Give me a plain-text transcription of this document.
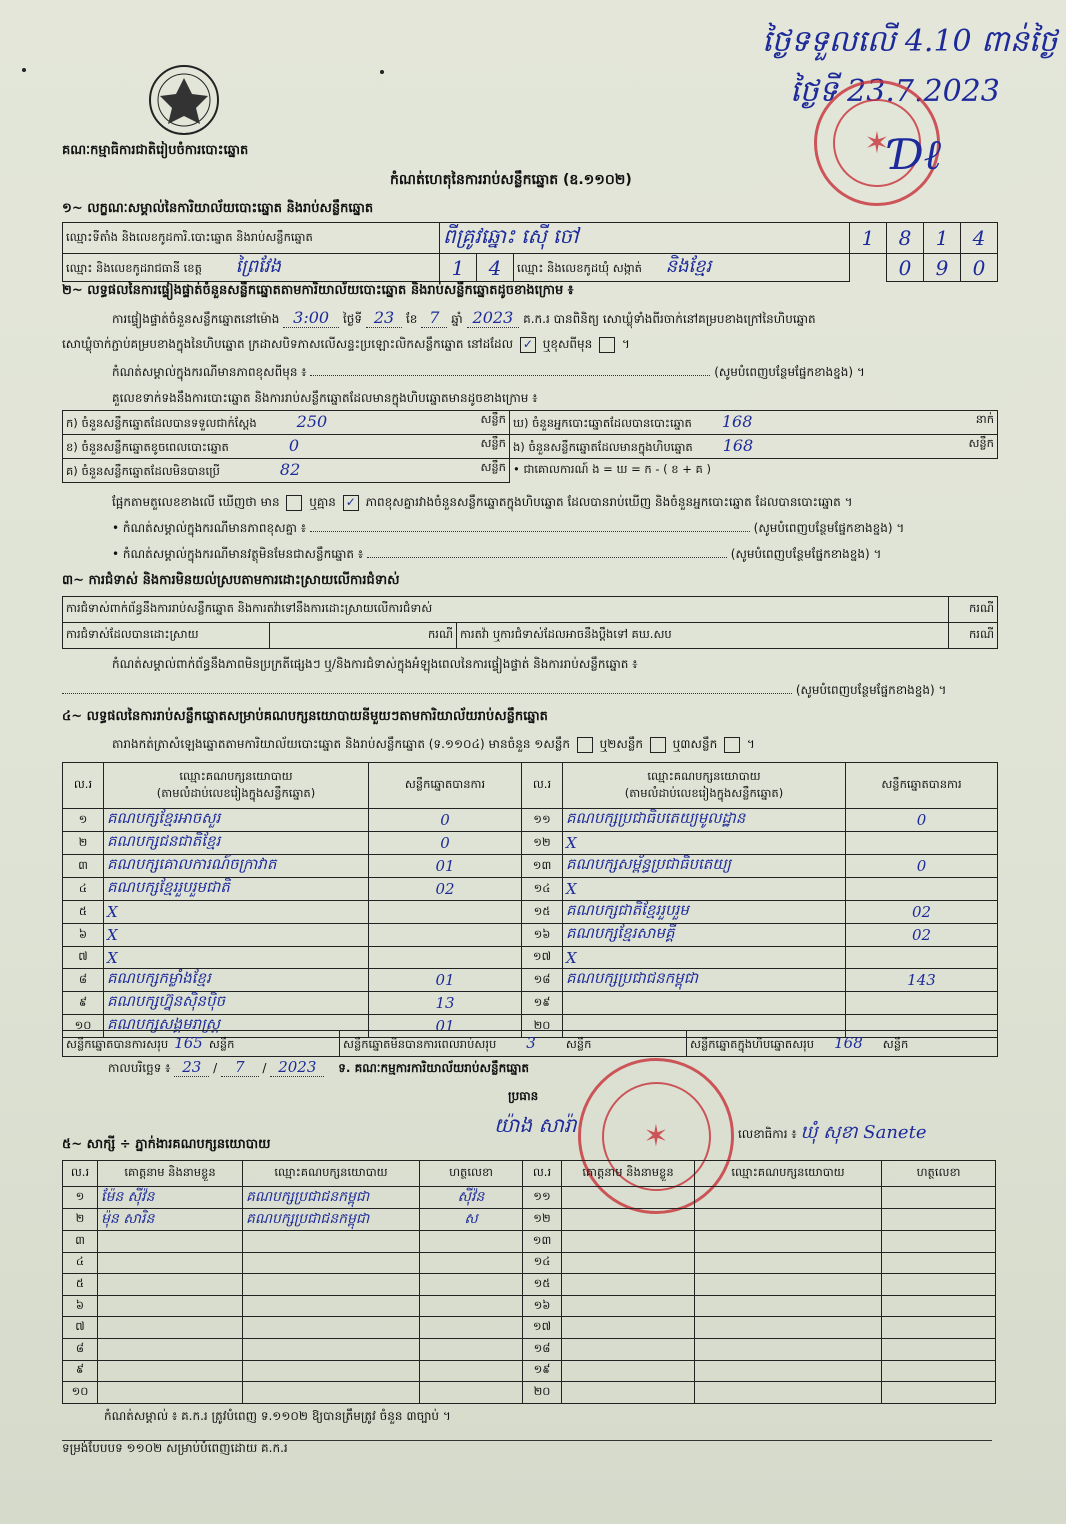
ថ្ងៃទទួលលើ 4.10 ពាន់ថ្ងៃ
ថ្ងៃទី 23.7.2023
គណៈកម្មាធិការជាតិរៀបចំការបោះឆ្នោត	✶ Ɗℓ
កំណត់ហេតុនៃការរាប់សន្លឹកឆ្នោត (ឧ.១១០២)
១~ លក្ខណៈសម្គាល់នៃការិយាល័យបោះឆ្នោត និងរាប់សន្លឹកឆ្នោត
ឈ្មោះទីតាំង និងលេខកូដការិ.បោះឆ្នោត និងរាប់សន្លឹកឆ្នោត	ពីគ្រូវឆ្នោះ ស៊ើ ចៅ			1	8	1	4
ឈ្មោះ និងលេខកូដរាជធានី ខេត្ត ព្រៃវែង	1	4	ឈ្មោះ និងលេខកូដឃុំ សង្កាត់ និងខ្មែរ		0	9	0
២~ លទ្ធផលនៃការផ្ទៀងផ្ទាត់ចំនួនសន្លឹកឆ្នោតតាមការិយាល័យបោះឆ្នោត និងរាប់សន្លឹកឆ្នោតដូចខាងក្រោម ៖
ការផ្ទៀងផ្ទាត់ចំនួនសន្លឹកឆ្នោតនៅម៉ោង 3:00 ថ្ងៃទី 23 ខែ 7 ឆ្នាំ 2023 គ.ក.រ បានពិនិត្យ សោឃ្លុំទាំងពីរចាក់នៅគម្របខាងក្រៅនៃហិបឆ្នោត
សោឃ្លុំចាក់ភ្ជាប់គម្របខាងក្នុងនៃហិបឆ្នោត ក្រដាសបិទភាសលើសន្ទះប្រឡោះលិកសន្លឹកឆ្នោត នៅដដែល ✓ ឬខុសពីមុន  ។
កំណត់សម្គាល់ក្នុងករណីមានភាពខុសពីមុន ៖	(សូមបំពេញបន្ថែមផ្នែកខាងខ្នង) ។
គួលេខទាក់ទងនឹងការបោះឆ្នោត និងការរាប់សន្លឹកឆ្នោតដែលមានក្នុងហិបឆ្នោតមានដូចខាងក្រោម ៖
ក) ចំនួនសន្លឹកឆ្នោតដែលបានទទួលជាក់ស្តែង 250 សន្លឹក	ឃ) ចំនួនអ្នកបោះឆ្នោតដែលបានបោះឆ្នោត 168 នាក់

ខ) ចំនួនសន្លឹកឆ្នោតខូចពេលបោះឆ្នោត 0 សន្លឹក	ង) ចំនួនសន្លឹកឆ្នោតដែលមានក្នុងហិបឆ្នោត 168 សន្លឹក

គ) ចំនួនសន្លឹកឆ្នោតដែលមិនបានប្រើ 82 សន្លឹក	• ជាគោលការណ៍ ង = ឃ = ក - ( ខ + គ )
ផ្អែកតាមតួលេខខាងលើ ឃើញថា មាន ឬគ្មាន ✓ ភាពខុសគ្នារវាងចំនួនសន្លឹកឆ្នោតក្នុងហិបឆ្នោត ដែលបានរាប់ឃើញ និងចំនួនអ្នកបោះឆ្នោត ដែលបានបោះឆ្នោត ។
• កំណត់សម្គាល់ក្នុងករណីមានភាពខុសគ្នា ៖	(សូមបំពេញបន្ថែមផ្នែកខាងខ្នង) ។
• កំណត់សម្គាល់ក្នុងករណីមានវត្ថុមិនមែនជាសន្លឹកឆ្នោត ៖	(សូមបំពេញបន្ថែមផ្នែកខាងខ្នង) ។
៣~ ការជំទាស់ និងការមិនយល់ស្របតាមការដោះស្រាយលើការជំទាស់
ការជំទាស់ពាក់ព័ន្ធនឹងការរាប់សន្លឹកឆ្នោត និងការតវ៉ាទៅនឹងការដោះស្រាយលើការជំទាស់			ករណី
ការជំទាស់ដែលបានដោះស្រាយ	ករណី	ការតវ៉ា ឬការជំទាស់ដែលអាចនឹងប្តឹងទៅ គឃ.សប	ករណី
កំណត់សម្គាល់ពាក់ព័ន្ធនឹងភាពមិនប្រក្រតីផ្សេងៗ ឬ/និងការជំទាស់ក្នុងអំឡុងពេលនៃការផ្ទៀងផ្ទាត់ និងការរាប់សន្លឹកឆ្នោត ៖
(សូមបំពេញបន្ថែមផ្នែកខាងខ្នង) ។
៤~ លទ្ធផលនៃការរាប់សន្លឹកឆ្នោតសម្រាប់គណបក្សនយោបាយនីមួយៗតាមការិយាល័យរាប់សន្លឹកឆ្នោត
តារាងកត់ត្រាសំឡេងឆ្នោតតាមការិយាល័យបោះឆ្នោត និងរាប់សន្លឹកឆ្នោត (ទ.១១០៤) មានចំនួន ១សន្លឹក ឬ២សន្លឹក ឬ៣សន្លឹក  ។
ល.រ	ឈ្មោះគណបក្សនយោបាយ
(តាមលំដាប់លេខរៀងក្នុងសន្លឹកឆ្នោត)	សន្លឹកឆ្នោតបានការ	ល.រ	ឈ្មោះគណបក្សនយោបាយ
(តាមលំដាប់លេខរៀងក្នុងសន្លឹកឆ្នោត)	សន្លឹកឆ្នោតបានការ
១	គណបក្សខ្មែរអាចសួរ	0	១១	គណបក្សប្រជាធិបតេយ្យមូលដ្ឋាន	0
២	គណបក្សជនជាតិខ្មែរ	0	១២	X	
៣	គណបក្សគោលការណ៍ចក្រាវាត	01	១៣	គណបក្សសម្ព័ន្ធប្រជាធិបតេយ្យ	0
៤	គណបក្សខ្មែររួបរួមជាតិ	02	១៤	X	
៥	X		១៥	គណបក្សជាតិខ្មែររួបរួម	02
៦	X		១៦	គណបក្សខ្មែរសាមគ្គី	02
៧	X		១៧	X	
៨	គណបក្សកម្លាំងខ្មែរ	01	១៨	គណបក្សប្រជាជនកម្ពុជា	143
៩	គណបក្សហ្វ៊ុនស៊ិនប៉ិច	13	១៩		
១០	គណបក្សសង្គមរាស្ត្រ	01	២០		
សន្លឹកឆ្នោតបានការសរុប 165 សន្លឹក	សន្លឹកឆ្នោតមិនបានការពេលរាប់សរុប 3	សន្លឹក	សន្លឹកឆ្នោតក្នុងហិបឆ្នោតសរុប 168 សន្លឹក
កាលបរិច្ឆេទ ៖ 23 / 7 / 2023 ទ. គណៈកម្មការការិយាល័យរាប់សន្លឹកឆ្នោត
ប្រធាន
យ៉ាង សារ៉ា	✶	លេខាធិការ ៖ ឃុំ សុខា Sanete
៥~ សាក្សី ÷ ភ្នាក់ងារគណបក្សនយោបាយ
ល.រ	គោត្តនាម និងនាមខ្លួន	ឈ្មោះគណបក្សនយោបាយ	ហត្ថលេខា	ល.រ	គោត្តនាម និងនាមខ្លួន	ឈ្មោះគណបក្សនយោបាយ	ហត្ថលេខា
១	ម៉ែន ស៊ីវ៉ន	គណបក្សប្រជាជនកម្ពុជា	ស៊ីវ៉ន	១១			
២	ម៉ុន សារិន	គណបក្សប្រជាជនកម្ពុជា	ស	១២			
៣				១៣			
៤				១៤			
៥				១៥			
៦				១៦			
៧				១៧			
៨				១៨			
៩				១៩			
១០				២០			
កំណត់សម្គាល់ ៖ គ.ក.រ ត្រូវបំពេញ ទ.១១០២ ឱ្យបានត្រឹមត្រូវ ចំនួន ៣ច្បាប់ ។
ទម្រង់បែបបទ ១១០២ សម្រាប់បំពេញដោយ គ.ក.រ
